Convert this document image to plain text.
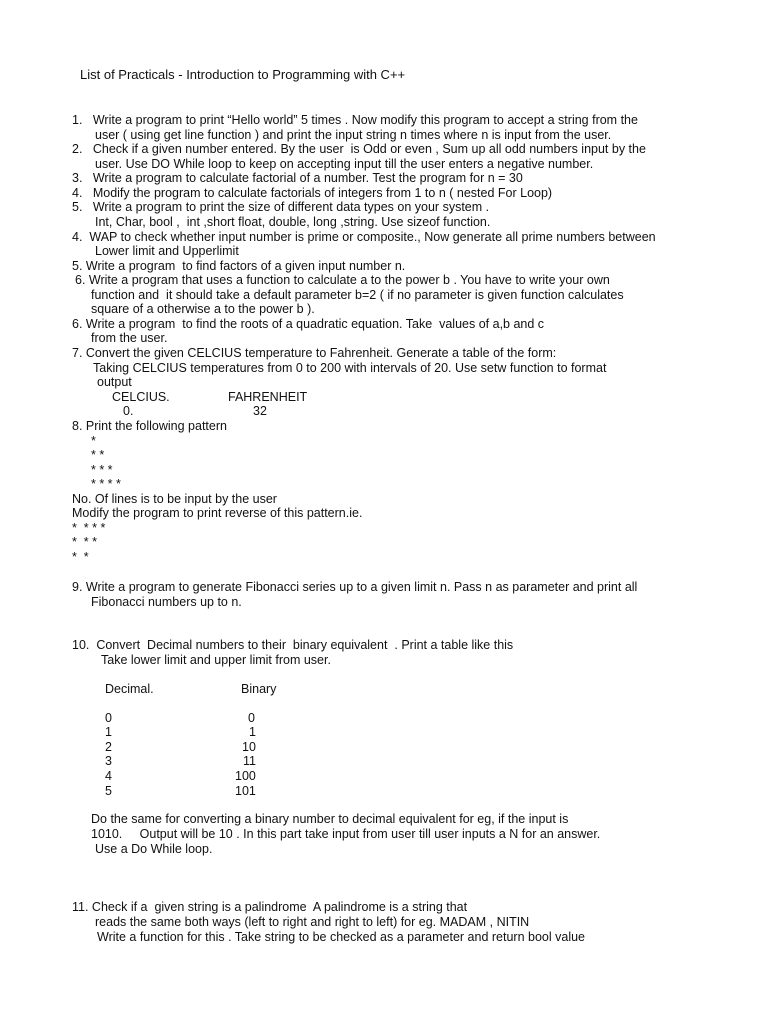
List of Practicals - Introduction to Programming with C++
1.   Write a program to print “Hello world” 5 times . Now modify this program to accept a string from the
user ( using get line function ) and print the input string n times where n is input from the user.
2.   Check if a given number entered. By the user  is Odd or even , Sum up all odd numbers input by the
user. Use DO While loop to keep on accepting input till the user enters a negative number.
3.   Write a program to calculate factorial of a number. Test the program for n = 30
4.   Modify the program to calculate factorials of integers from 1 to n ( nested For Loop)
5.   Write a program to print the size of different data types on your system .
Int, Char, bool ,  int ,short float, double, long ,string. Use sizeof function.
4.  WAP to check whether input number is prime or composite., Now generate all prime numbers between
Lower limit and Upperlimit
5. Write a program  to find factors of a given input number n.
6. Write a program that uses a function to calculate a to the power b . You have to write your own
function and  it should take a default parameter b=2 ( if no parameter is given function calculates
square of a otherwise a to the power b ).
6. Write a program  to find the roots of a quadratic equation. Take  values of a,b and c
from the user.
7. Convert the given CELCIUS temperature to Fahrenheit. Generate a table of the form:
Taking CELCIUS temperatures from 0 to 200 with intervals of 20. Use setw function to format
output
CELCIUS.	FAHRENHEIT
0.	32
8. Print the following pattern
*
* *
* * *
* * * *
No. Of lines is to be input by the user
Modify the program to print reverse of this pattern.ie.
*  * * *
*  * *
*  *
9. Write a program to generate Fibonacci series up to a given limit n. Pass n as parameter and print all
Fibonacci numbers up to n.
10.  Convert  Decimal numbers to their  binary equivalent  . Print a table like this
Take lower limit and upper limit from user.
Decimal.	Binary
0	0
1	1
2	10
3	11
4	100
5	101
Do the same for converting a binary number to decimal equivalent for eg, if the input is
1010.     Output will be 10 . In this part take input from user till user inputs a N for an answer.
Use a Do While loop.
11. Check if a  given string is a palindrome  A palindrome is a string that
reads the same both ways (left to right and right to left) for eg. MADAM , NITIN
Write a function for this . Take string to be checked as a parameter and return bool value
